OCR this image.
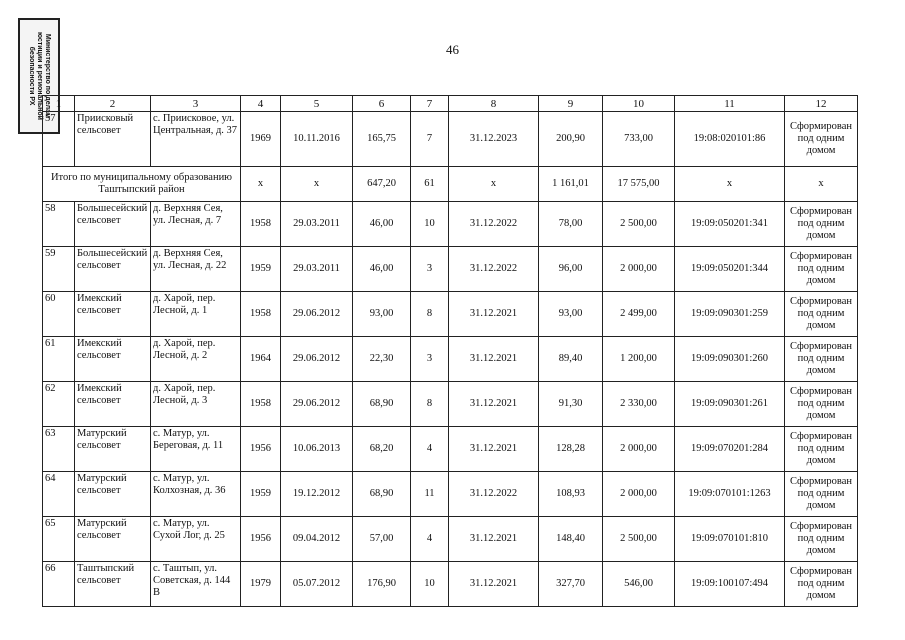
46
Министерство по делам
юстиции и региональной
безопасности РХ 1	2	3	4	5	6	7	8	9	10	11	12
57	Приисковый сельсовет	с. Приисковое, ул. Центральная, д. 37	1969	10.11.2016	165,75	7	31.12.2023	200,90	733,00	19:08:020101:86	Сформирован под одним домом
Итого по муниципальному образованию Таштыпский район			x	x	647,20	61	x	1 161,01	17 575,00	x	x
58	Большесейский сельсовет	д. Верхняя Сея, ул. Лесная, д. 7	1958	29.03.2011	46,00	10	31.12.2022	78,00	2 500,00	19:09:050201:341	Сформирован под одним домом
59	Большесейский сельсовет	д. Верхняя Сея, ул. Лесная, д. 22	1959	29.03.2011	46,00	3	31.12.2022	96,00	2 000,00	19:09:050201:344	Сформирован под одним домом
60	Имекский сельсовет	д. Харой, пер. Лесной, д. 1	1958	29.06.2012	93,00	8	31.12.2021	93,00	2 499,00	19:09:090301:259	Сформирован под одним домом
61	Имекский сельсовет	д. Харой, пер. Лесной, д. 2	1964	29.06.2012	22,30	3	31.12.2021	89,40	1 200,00	19:09:090301:260	Сформирован под одним домом
62	Имекский сельсовет	д. Харой, пер. Лесной, д. 3	1958	29.06.2012	68,90	8	31.12.2021	91,30	2 330,00	19:09:090301:261	Сформирован под одним домом
63	Матурский сельсовет	с. Матур, ул. Береговая, д. 11	1956	10.06.2013	68,20	4	31.12.2021	128,28	2 000,00	19:09:070201:284	Сформирован под одним домом
64	Матурский сельсовет	с. Матур, ул. Колхозная, д. 36	1959	19.12.2012	68,90	11	31.12.2022	108,93	2 000,00	19:09:070101:1263	Сформирован под одним домом
65	Матурский сельсовет	с. Матур, ул. Сухой Лог, д. 25	1956	09.04.2012	57,00	4	31.12.2021	148,40	2 500,00	19:09:070101:810	Сформирован под одним домом
66	Таштыпский сельсовет	с. Таштып, ул. Советская, д. 144 В	1979	05.07.2012	176,90	10	31.12.2021	327,70	546,00	19:09:100107:494	Сформирован под одним домом
